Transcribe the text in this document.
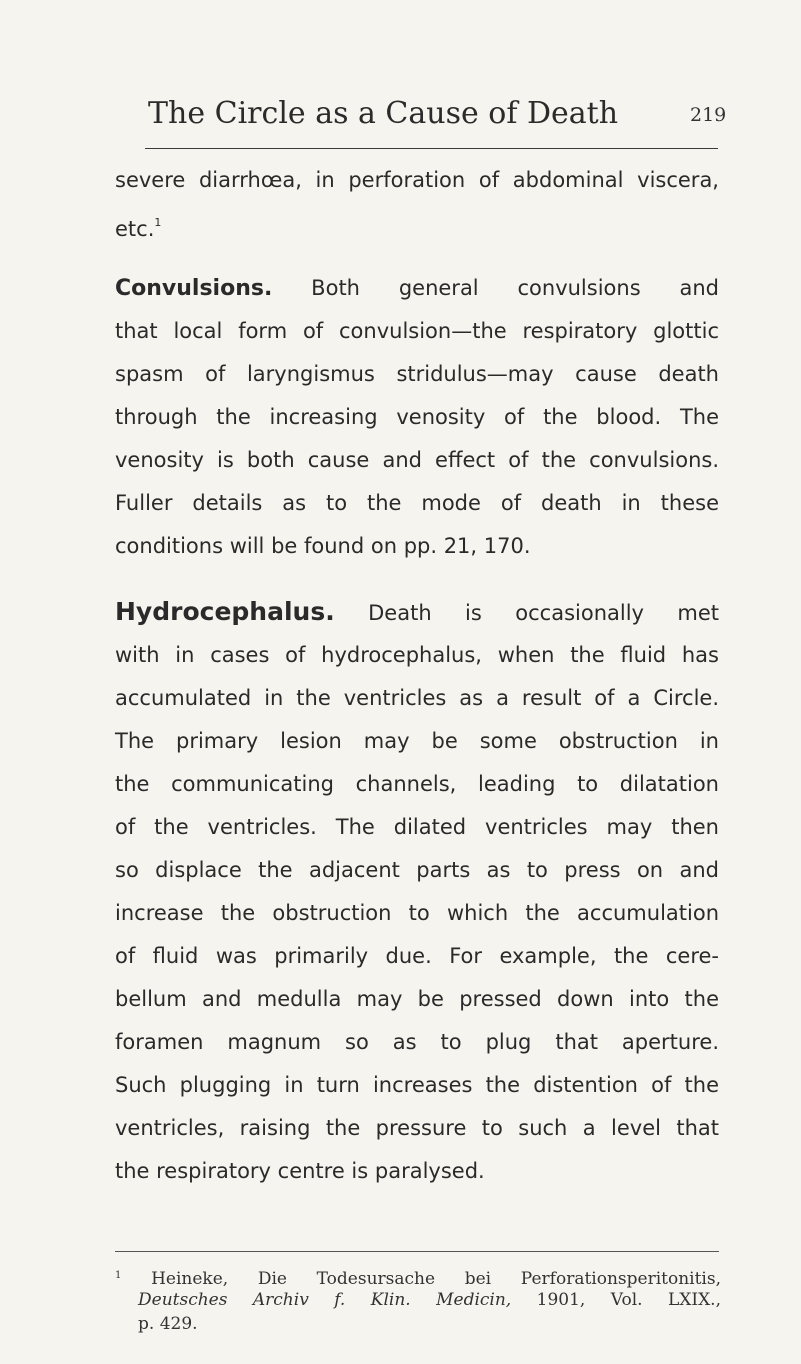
The Circle as a Cause of Death	219
severe diarrhœa, in perforation of abdominal viscera,
etc.$^1$
Convulsions. Both general convulsions and
that local form of convulsion—the respiratory glottic
spasm of laryngismus stridulus—may cause death
through the increasing venosity of the blood. The
venosity is both cause and effect of the convulsions.
Fuller details as to the mode of death in these
conditions will be found on pp. 21, 170.
Hydrocephalus. Death is occasionally met
with in cases of hydrocephalus, when the fluid has
accumulated in the ventricles as a result of a Circle.
The primary lesion may be some obstruction in
the communicating channels, leading to dilatation
of the ventricles. The dilated ventricles may then
so displace the adjacent parts as to press on and
increase the obstruction to which the accumulation
of fluid was primarily due. For example, the cere-
bellum and medulla may be pressed down into the
foramen magnum so as to plug that aperture.
Such plugging in turn increases the distention of the
ventricles, raising the pressure to such a level that
the respiratory centre is paralysed.
$^1$ Heineke, Die Todesursache bei Perforationsperitonitis,
Deutsches Archiv f. Klin. Medicin, 1901, Vol. LXIX.,
p. 429.
